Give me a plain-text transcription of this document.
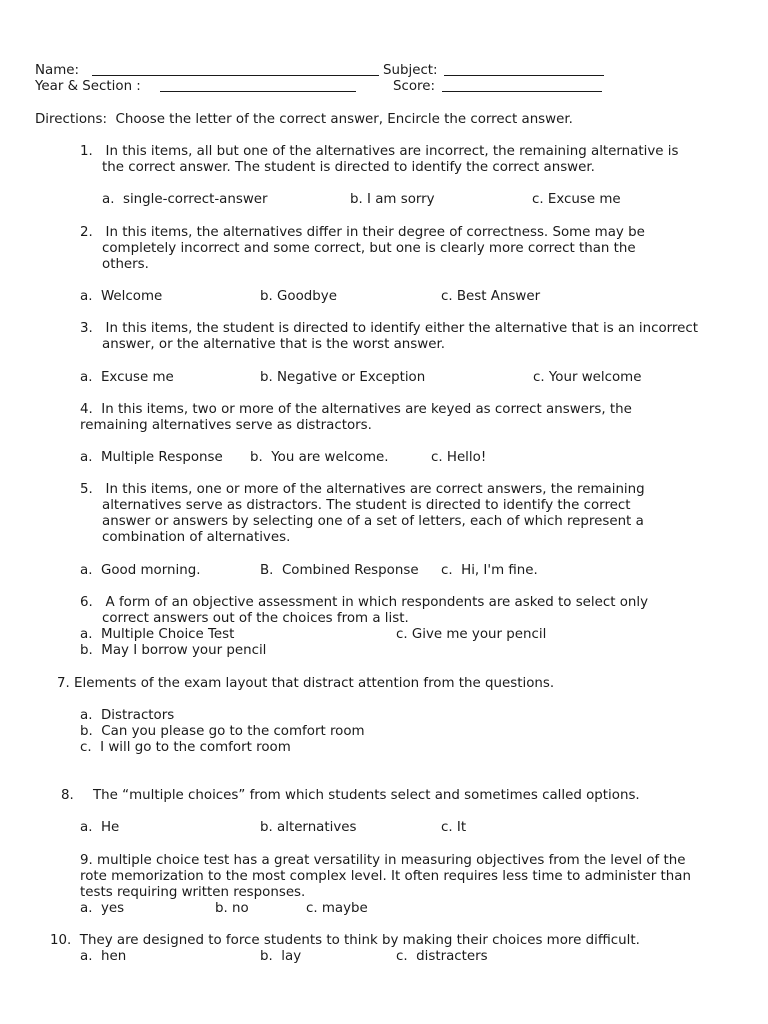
Name:	Subject:
Year & Section :	Score:
Directions:  Choose the letter of the correct answer, Encircle the correct answer.
1.   In this items, all but one of the alternatives are incorrect, the remaining alternative is
the correct answer. The student is directed to identify the correct answer.
a.  single-correct-answer	b. I am sorry	c. Excuse me
2.   In this items, the alternatives differ in their degree of correctness. Some may be
completely incorrect and some correct, but one is clearly more correct than the
others.
a.  Welcome	b. Goodbye	c. Best Answer
3.   In this items, the student is directed to identify either the alternative that is an incorrect
answer, or the alternative that is the worst answer.
a.  Excuse me	b. Negative or Exception	c. Your welcome
4.  In this items, two or more of the alternatives are keyed as correct answers, the
remaining alternatives serve as distractors.
a.  Multiple Response b.  You are welcome.	c. Hello!
5.   In this items, one or more of the alternatives are correct answers, the remaining
alternatives serve as distractors. The student is directed to identify the correct
answer or answers by selecting one of a set of letters, each of which represent a
combination of alternatives.
a.  Good morning.	B.  Combined Response c.  Hi, I'm fine.
6.   A form of an objective assessment in which respondents are asked to select only
correct answers out of the choices from a list.
a.  Multiple Choice Test	c. Give me your pencil
b.  May I borrow your pencil
7. Elements of the exam layout that distract attention from the questions.
a.  Distractors
b.  Can you please go to the comfort room
c.  I will go to the comfort room
8. The “multiple choices” from which students select and sometimes called options.
a.  He	b. alternatives	c. It
9. multiple choice test has a great versatility in measuring objectives from the level of the
rote memorization to the most complex level. It often requires less time to administer than
tests requiring written responses.
a.  yes	b. no	c. maybe
10.  They are designed to force students to think by making their choices more difficult.
a.  hen	b.  lay	c.  distracters
